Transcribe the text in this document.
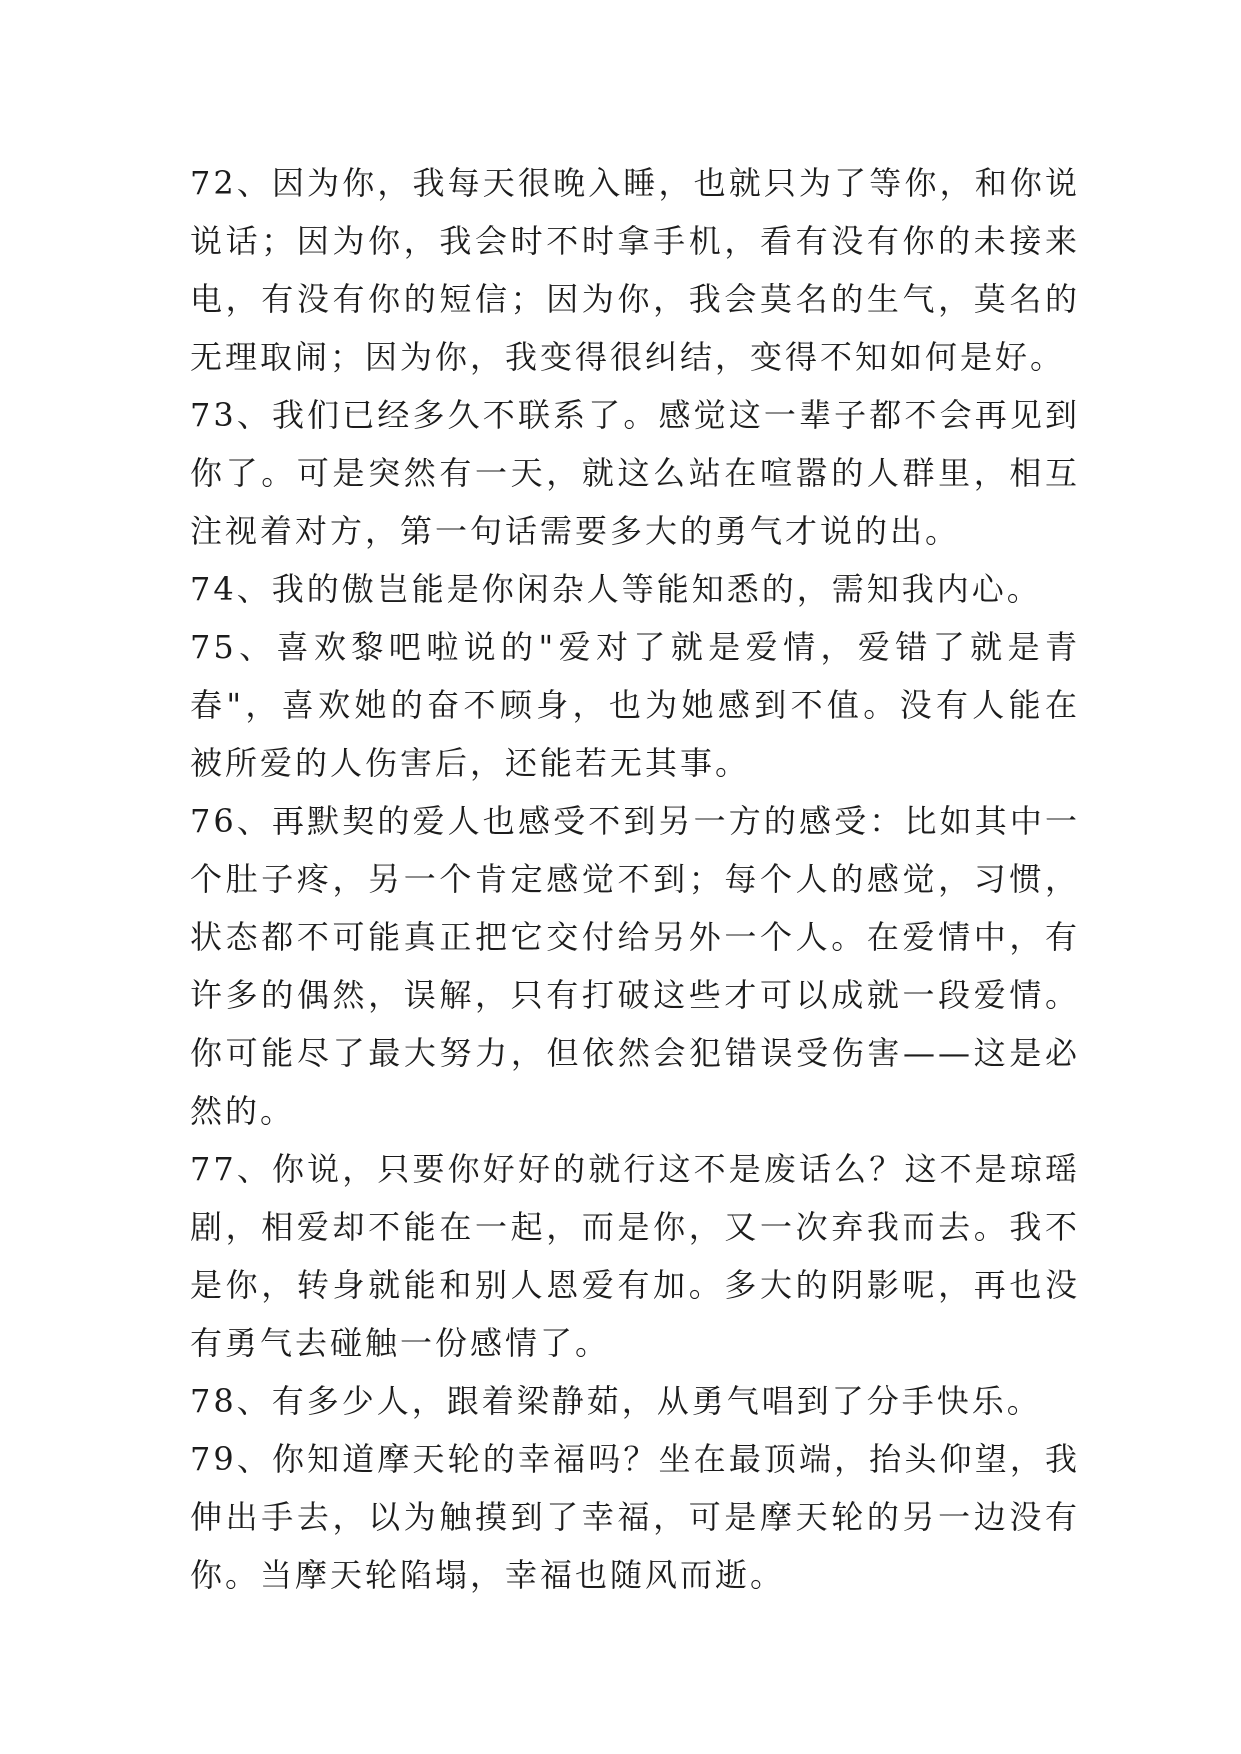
72、因为你，我每天很晚入睡，也就只为了等你，和你说说话；因为你，我会时不时拿手机，看有没有你的未接来电，有没有你的短信；因为你，我会莫名的生气，莫名的无理取闹；因为你，我变得很纠结，变得不知如何是好。

73、我们已经多久不联系了。感觉这一辈子都不会再见到你了。可是突然有一天，就这么站在喧嚣的人群里，相互注视着对方，第一句话需要多大的勇气才说的出。

74、我的傲岂能是你闲杂人等能知悉的，需知我内心。

75、喜欢黎吧啦说的"爱对了就是爱情，爱错了就是青春"，喜欢她的奋不顾身，也为她感到不值。没有人能在被所爱的人伤害后，还能若无其事。

76、再默契的爱人也感受不到另一方的感受：比如其中一个肚子疼，另一个肯定感觉不到；每个人的感觉，习惯，状态都不可能真正把它交付给另外一个人。在爱情中，有许多的偶然，误解，只有打破这些才可以成就一段爱情。你可能尽了最大努力，但依然会犯错误受伤害——这是必然的。

77、你说，只要你好好的就行这不是废话么？这不是琼瑶剧，相爱却不能在一起，而是你，又一次弃我而去。我不是你，转身就能和别人恩爱有加。多大的阴影呢，再也没有勇气去碰触一份感情了。

78、有多少人，跟着梁静茹，从勇气唱到了分手快乐。

79、你知道摩天轮的幸福吗？坐在最顶端，抬头仰望，我伸出手去，以为触摸到了幸福，可是摩天轮的另一边没有你。当摩天轮陷塌，幸福也随风而逝。
